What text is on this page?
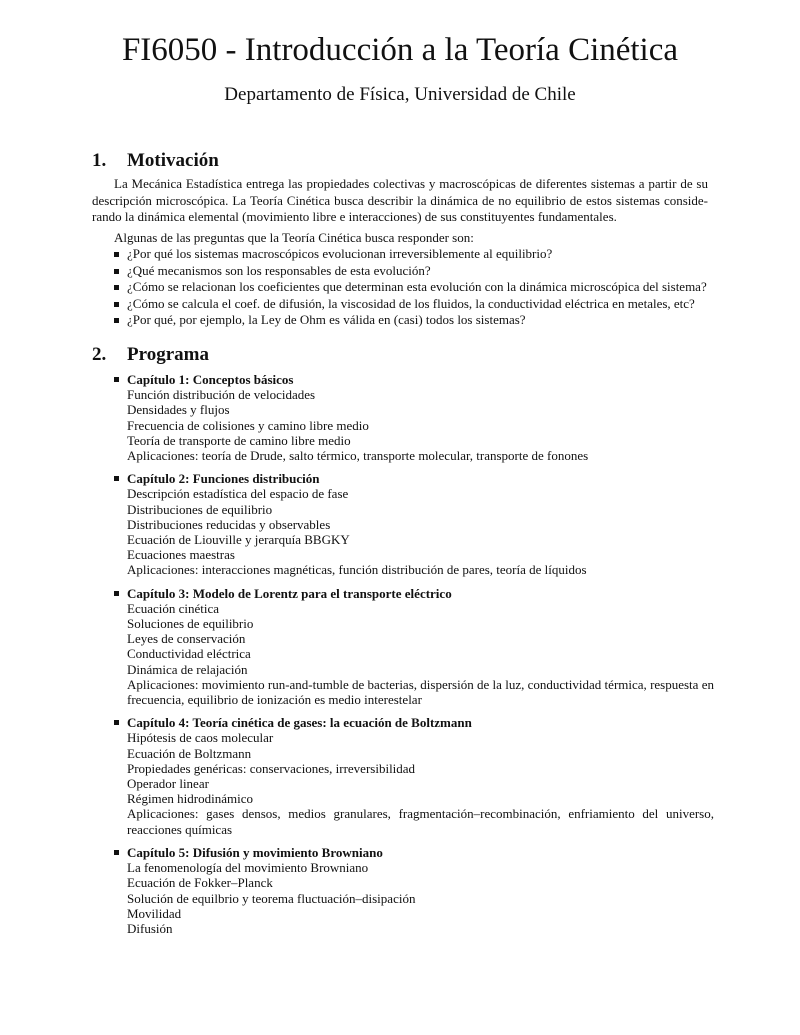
FI6050 - Introducción a la Teoría Cinética
Departamento de Física, Universidad de Chile
1. Motivación
La Mecánica Estadística entrega las propiedades colectivas y macroscópicas de diferentes sistemas a partir de su
descripción microscópica. La Teoría Cinética busca describir la dinámica de no equilibrio de estos sistemas conside-
rando la dinámica elemental (movimiento libre e interacciones) de sus constituyentes fundamentales.
Algunas de las preguntas que la Teoría Cinética busca responder son:
¿Por qué los sistemas macroscópicos evolucionan irreversiblemente al equilibrio?
¿Qué mecanismos son los responsables de esta evolución?
¿Cómo se relacionan los coeficientes que determinan esta evolución con la dinámica microscópica del sistema?
¿Cómo se calcula el coef. de difusión, la viscosidad de los fluidos, la conductividad eléctrica en metales, etc?
¿Por qué, por ejemplo, la Ley de Ohm es válida en (casi) todos los sistemas?
2. Programa
Capítulo 1: Conceptos básicos
Función distribución de velocidades
Densidades y flujos
Frecuencia de colisiones y camino libre medio
Teoría de transporte de camino libre medio
Aplicaciones: teoría de Drude, salto térmico, transporte molecular, transporte de fonones
Capítulo 2: Funciones distribución
Descripción estadística del espacio de fase
Distribuciones de equilibrio
Distribuciones reducidas y observables
Ecuación de Liouville y jerarquía BBGKY
Ecuaciones maestras
Aplicaciones: interacciones magnéticas, función distribución de pares, teoría de líquidos
Capítulo 3: Modelo de Lorentz para el transporte eléctrico
Ecuación cinética
Soluciones de equilibrio
Leyes de conservación
Conductividad eléctrica
Dinámica de relajación
Aplicaciones: movimiento run-and-tumble de bacterias, dispersión de la luz, conductividad térmica, respuesta en frecuencia, equilibrio de ionización es medio interestelar
Capítulo 4: Teoría cinética de gases: la ecuación de Boltzmann
Hipótesis de caos molecular
Ecuación de Boltzmann
Propiedades genéricas: conservaciones, irreversibilidad
Operador linear
Régimen hidrodinámico
Aplicaciones: gases densos, medios granulares, fragmentación–recombinación, enfriamiento del universo, reacciones químicas
Capítulo 5: Difusión y movimiento Browniano
La fenomenología del movimiento Browniano
Ecuación de Fokker–Planck
Solución de equilbrio y teorema fluctuación–disipación
Movilidad
Difusión
